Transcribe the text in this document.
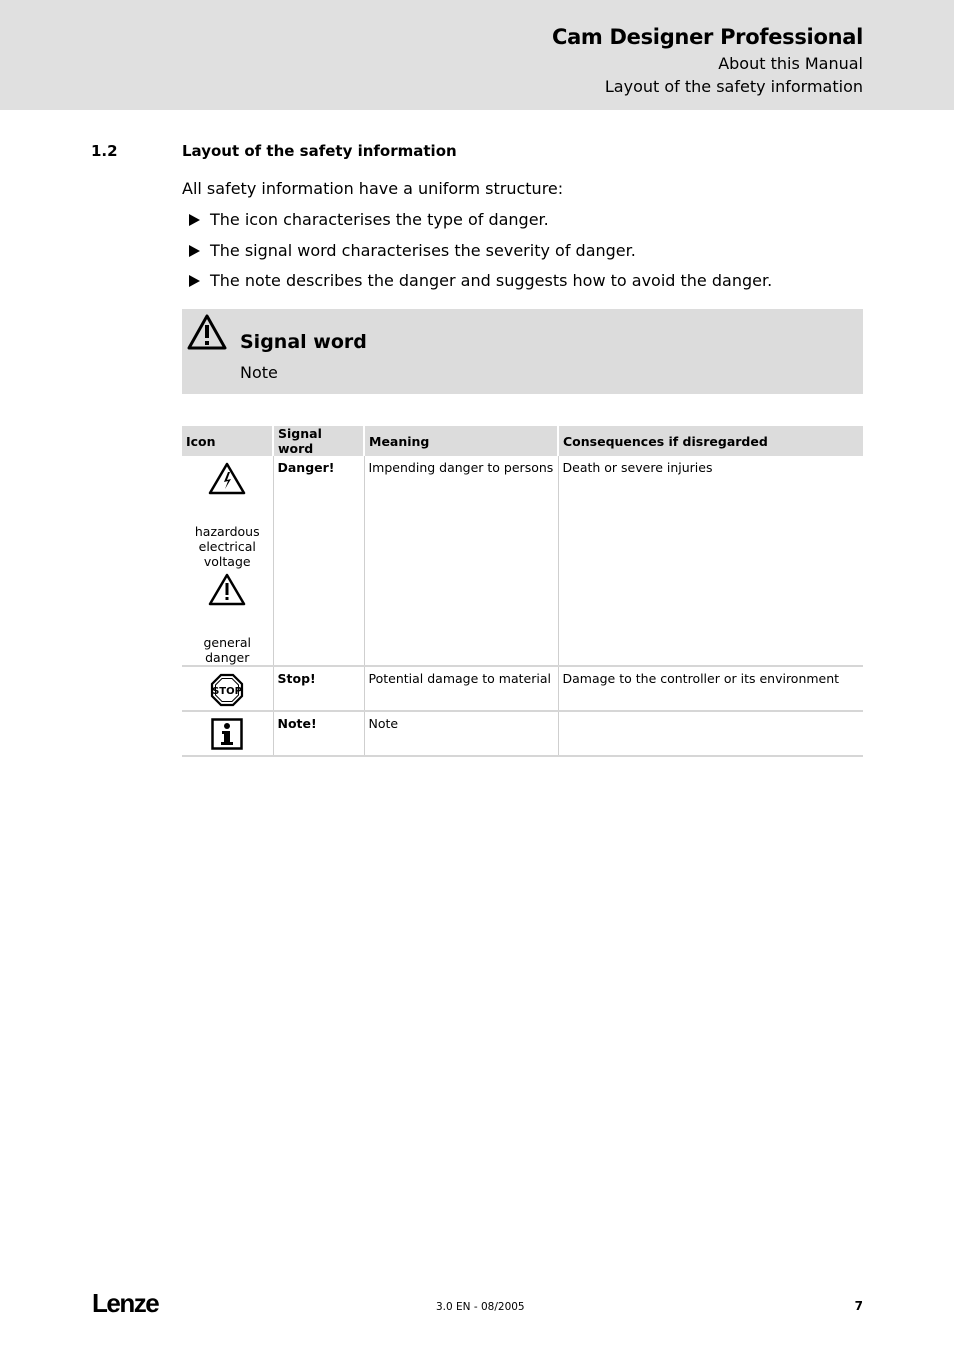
Cam Designer Professional
About this Manual
Layout of the safety information
1.2	Layout of the safety information
All safety information have a uniform structure:
The icon characterises the type of danger.
The signal word characterises the severity of danger.
The note describes the danger and suggests how to avoid the danger.
Signal word
Note
Icon	Signal word	Meaning	Consequences if disregarded

hazardous electrical voltage
general danger	Danger!	Impending danger to persons	Death or severe injuries

STOP	Stop!	Potential damage to material	Damage to the controller or its environment

	Note!	Note	
Lenze	3.0 EN - 08/2005	7
